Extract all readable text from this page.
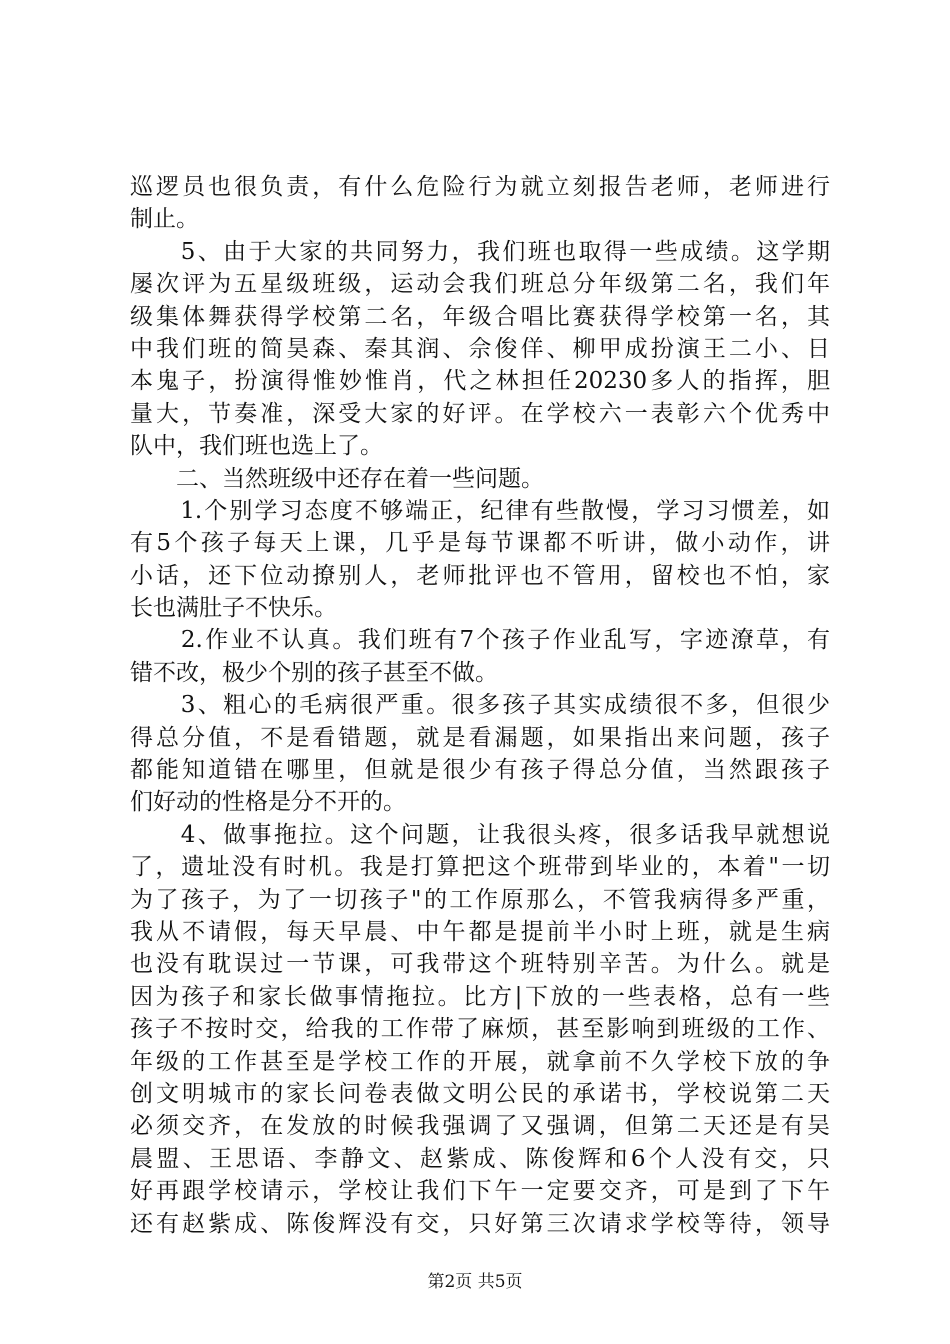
巡逻员也很负责，有什么危险行为就立刻报告老师，老师进行
制止。
　　5、由于大家的共同努力，我们班也取得一些成绩。这学期
屡次评为五星级班级，运动会我们班总分年级第二名，我们年
级集体舞获得学校第二名，年级合唱比赛获得学校第一名，其
中我们班的简昊森、秦其润、佘俊佯、柳甲成扮演王二小、日
本鬼子，扮演得惟妙惟肖，代之林担任20230多人的指挥，胆
量大，节奏准，深受大家的好评。在学校六一表彰六个优秀中
队中，我们班也选上了。
　　二、当然班级中还存在着一些问题。
　　1.个别学习态度不够端正，纪律有些散慢，学习习惯差，如
有5个孩子每天上课，几乎是每节课都不听讲，做小动作，讲
小话，还下位动撩别人，老师批评也不管用，留校也不怕，家
长也满肚子不快乐。
　　2.作业不认真。我们班有7个孩子作业乱写，字迹潦草，有
错不改，极少个别的孩子甚至不做。
　　3、粗心的毛病很严重。很多孩子其实成绩很不多，但很少
得总分值，不是看错题，就是看漏题，如果指出来问题，孩子
都能知道错在哪里，但就是很少有孩子得总分值，当然跟孩子
们好动的性格是分不开的。
　　4、做事拖拉。这个问题，让我很头疼，很多话我早就想说
了，遗址没有时机。我是打算把这个班带到毕业的，本着"一切
为了孩子，为了一切孩子"的工作原那么，不管我病得多严重，
我从不请假，每天早晨、中午都是提前半小时上班，就是生病
也没有耽误过一节课，可我带这个班特别辛苦。为什么。就是
因为孩子和家长做事情拖拉。比方|下放的一些表格，总有一些
孩子不按时交，给我的工作带了麻烦，甚至影响到班级的工作、
年级的工作甚至是学校工作的开展，就拿前不久学校下放的争
创文明城市的家长问卷表做文明公民的承诺书，学校说第二天
必须交齐，在发放的时候我强调了又强调，但第二天还是有吴
晨盟、王思语、李静文、赵紫成、陈俊辉和6个人没有交，只
好再跟学校请示，学校让我们下午一定要交齐，可是到了下午
还有赵紫成、陈俊辉没有交，只好第三次请求学校等待，领导
第2页 共5页
